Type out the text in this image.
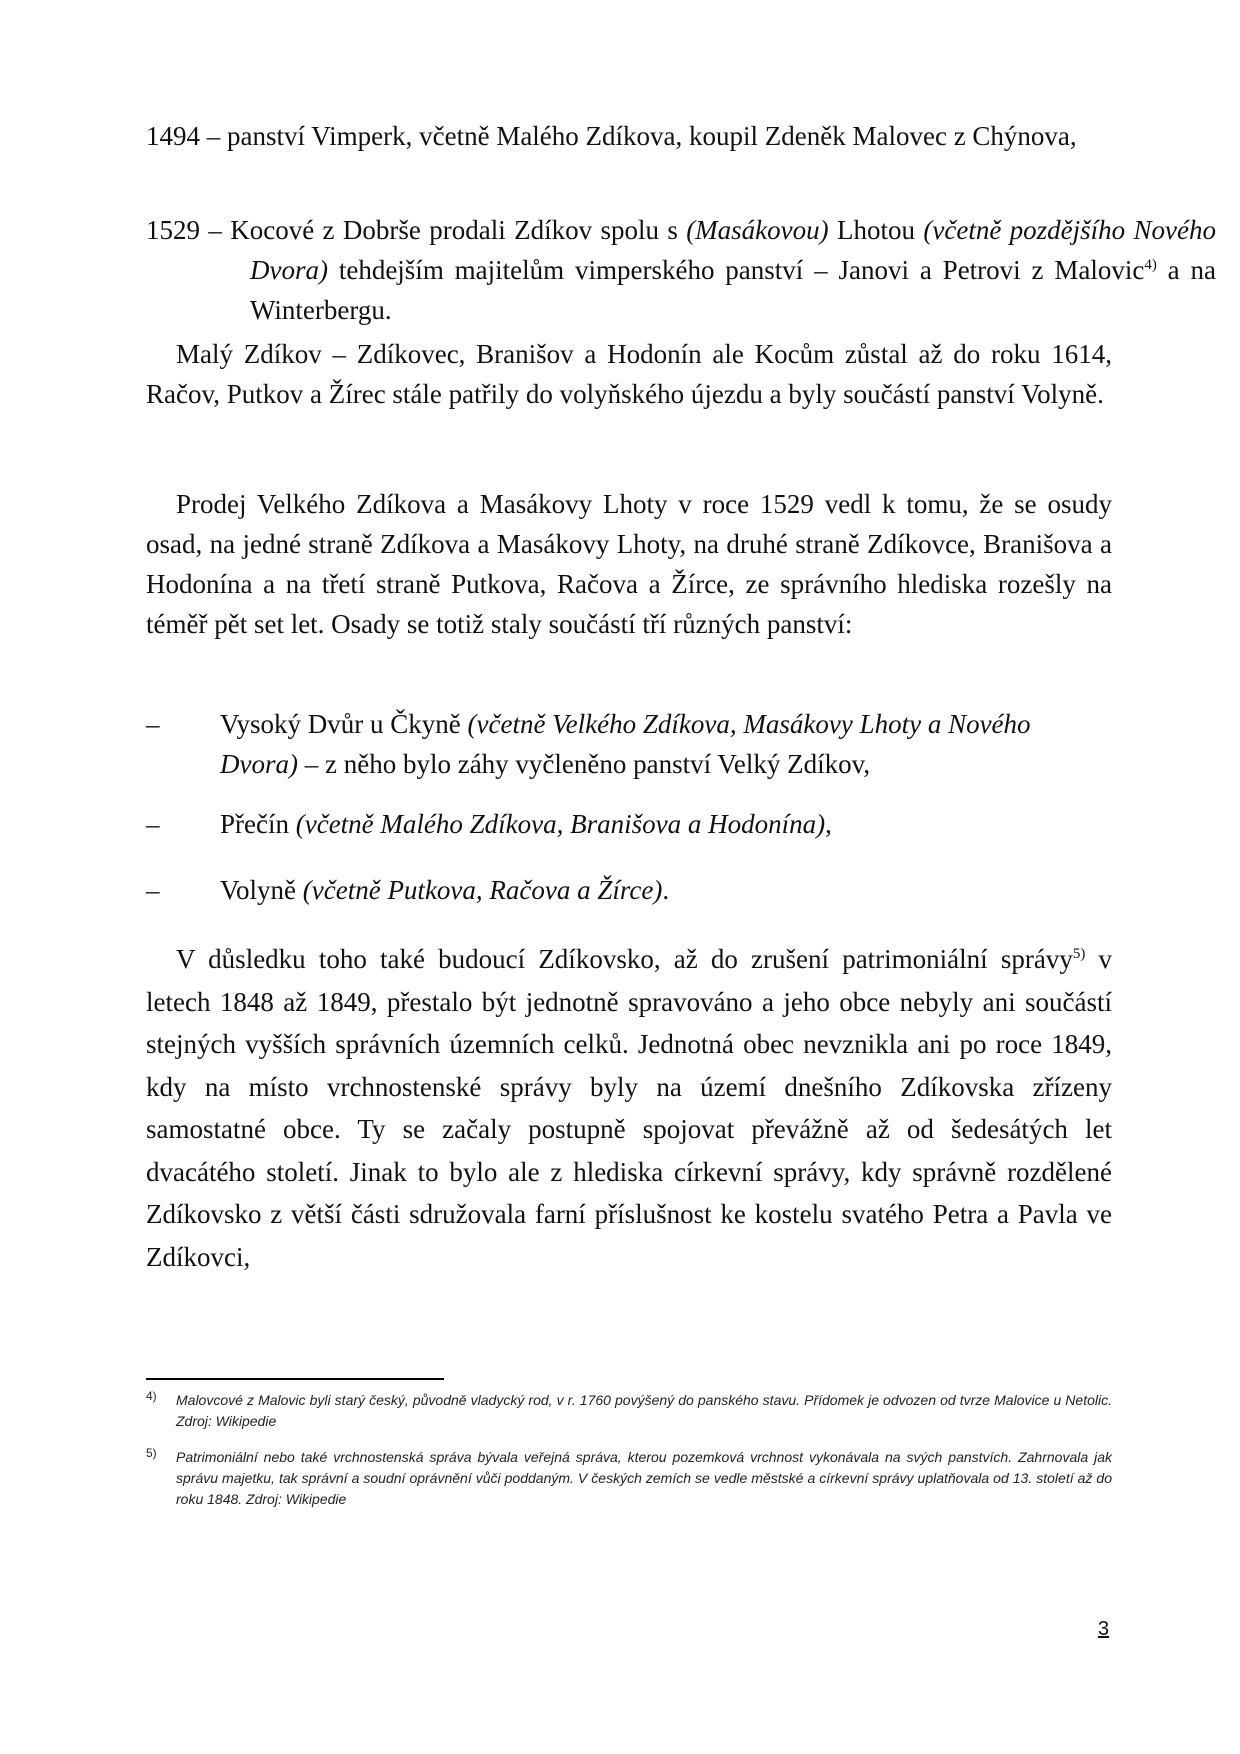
1494 – panství Vimperk, včetně Malého Zdíkova, koupil Zdeněk Malovec z Chýnova,
1529 – Kocové z Dobrše prodali Zdíkov spolu s (Masákovou) Lhotou (včetně pozdějšího Nového Dvora) tehdejším majitelům vimperského panství – Janovi a Petrovi z Malovic$^{4)}$ a na Winterbergu.

Malý Zdíkov – Zdíkovec, Branišov a Hodonín ale Kocům zůstal až do roku 1614, Račov, Putkov a Žírec stále patřily do volyňského újezdu a byly součástí panství Volyně.

Prodej Velkého Zdíkova a Masákovy Lhoty v roce 1529 vedl k tomu, že se osudy osad, na jedné straně Zdíkova a Masákovy Lhoty, na druhé straně Zdíkovce, Branišova a Hodonína a na třetí straně Putkova, Račova a Žírce, ze správního hlediska rozešly na téměř pět set let. Osady se totiž staly součástí tří různých panství:

–	Vysoký Dvůr u Čkyně (včetně Velkého Zdíkova, Masákovy Lhoty a Nového Dvora) – z něho bylo záhy vyčleněno panství Velký Zdíkov,
–	Přečín (včetně Malého Zdíkova, Branišova a Hodonína),
–	Volyně (včetně Putkova, Račova a Žírce).

V důsledku toho také budoucí Zdíkovsko, až do zrušení patrimoniální správy$^{5)}$ v letech 1848 až 1849, přestalo být jednotně spravováno a jeho obce nebyly ani součástí stejných vyšších správních územních celků. Jednotná obec nevznikla ani po roce 1849, kdy na místo vrchnostenské správy byly na území dnešního Zdíkovska zřízeny samostatné obce. Ty se začaly postupně spojovat převážně až od šedesátých let dvacátého století. Jinak to bylo ale z hlediska církevní správy, kdy správně rozdělené Zdíkovsko z větší části sdružovala farní příslušnost ke kostelu svatého Petra a Pavla ve Zdíkovci,

4)	Malovcové z Malovic byli starý český, původně vladycký rod, v r. 1760 povýšený do panského stavu. Přídomek je odvozen od tvrze Malovice u Netolic. Zdroj: Wikipedie
5)	Patrimoniální nebo také vrchnostenská správa bývala veřejná správa, kterou pozemková vrchnost vykonávala na svých panstvích. Zahrnovala jak správu majetku, tak správní a soudní oprávnění vůči poddaným. V českých zemích se vedle městské a církevní správy uplatňovala od 13. století až do roku 1848. Zdroj: Wikipedie
3
